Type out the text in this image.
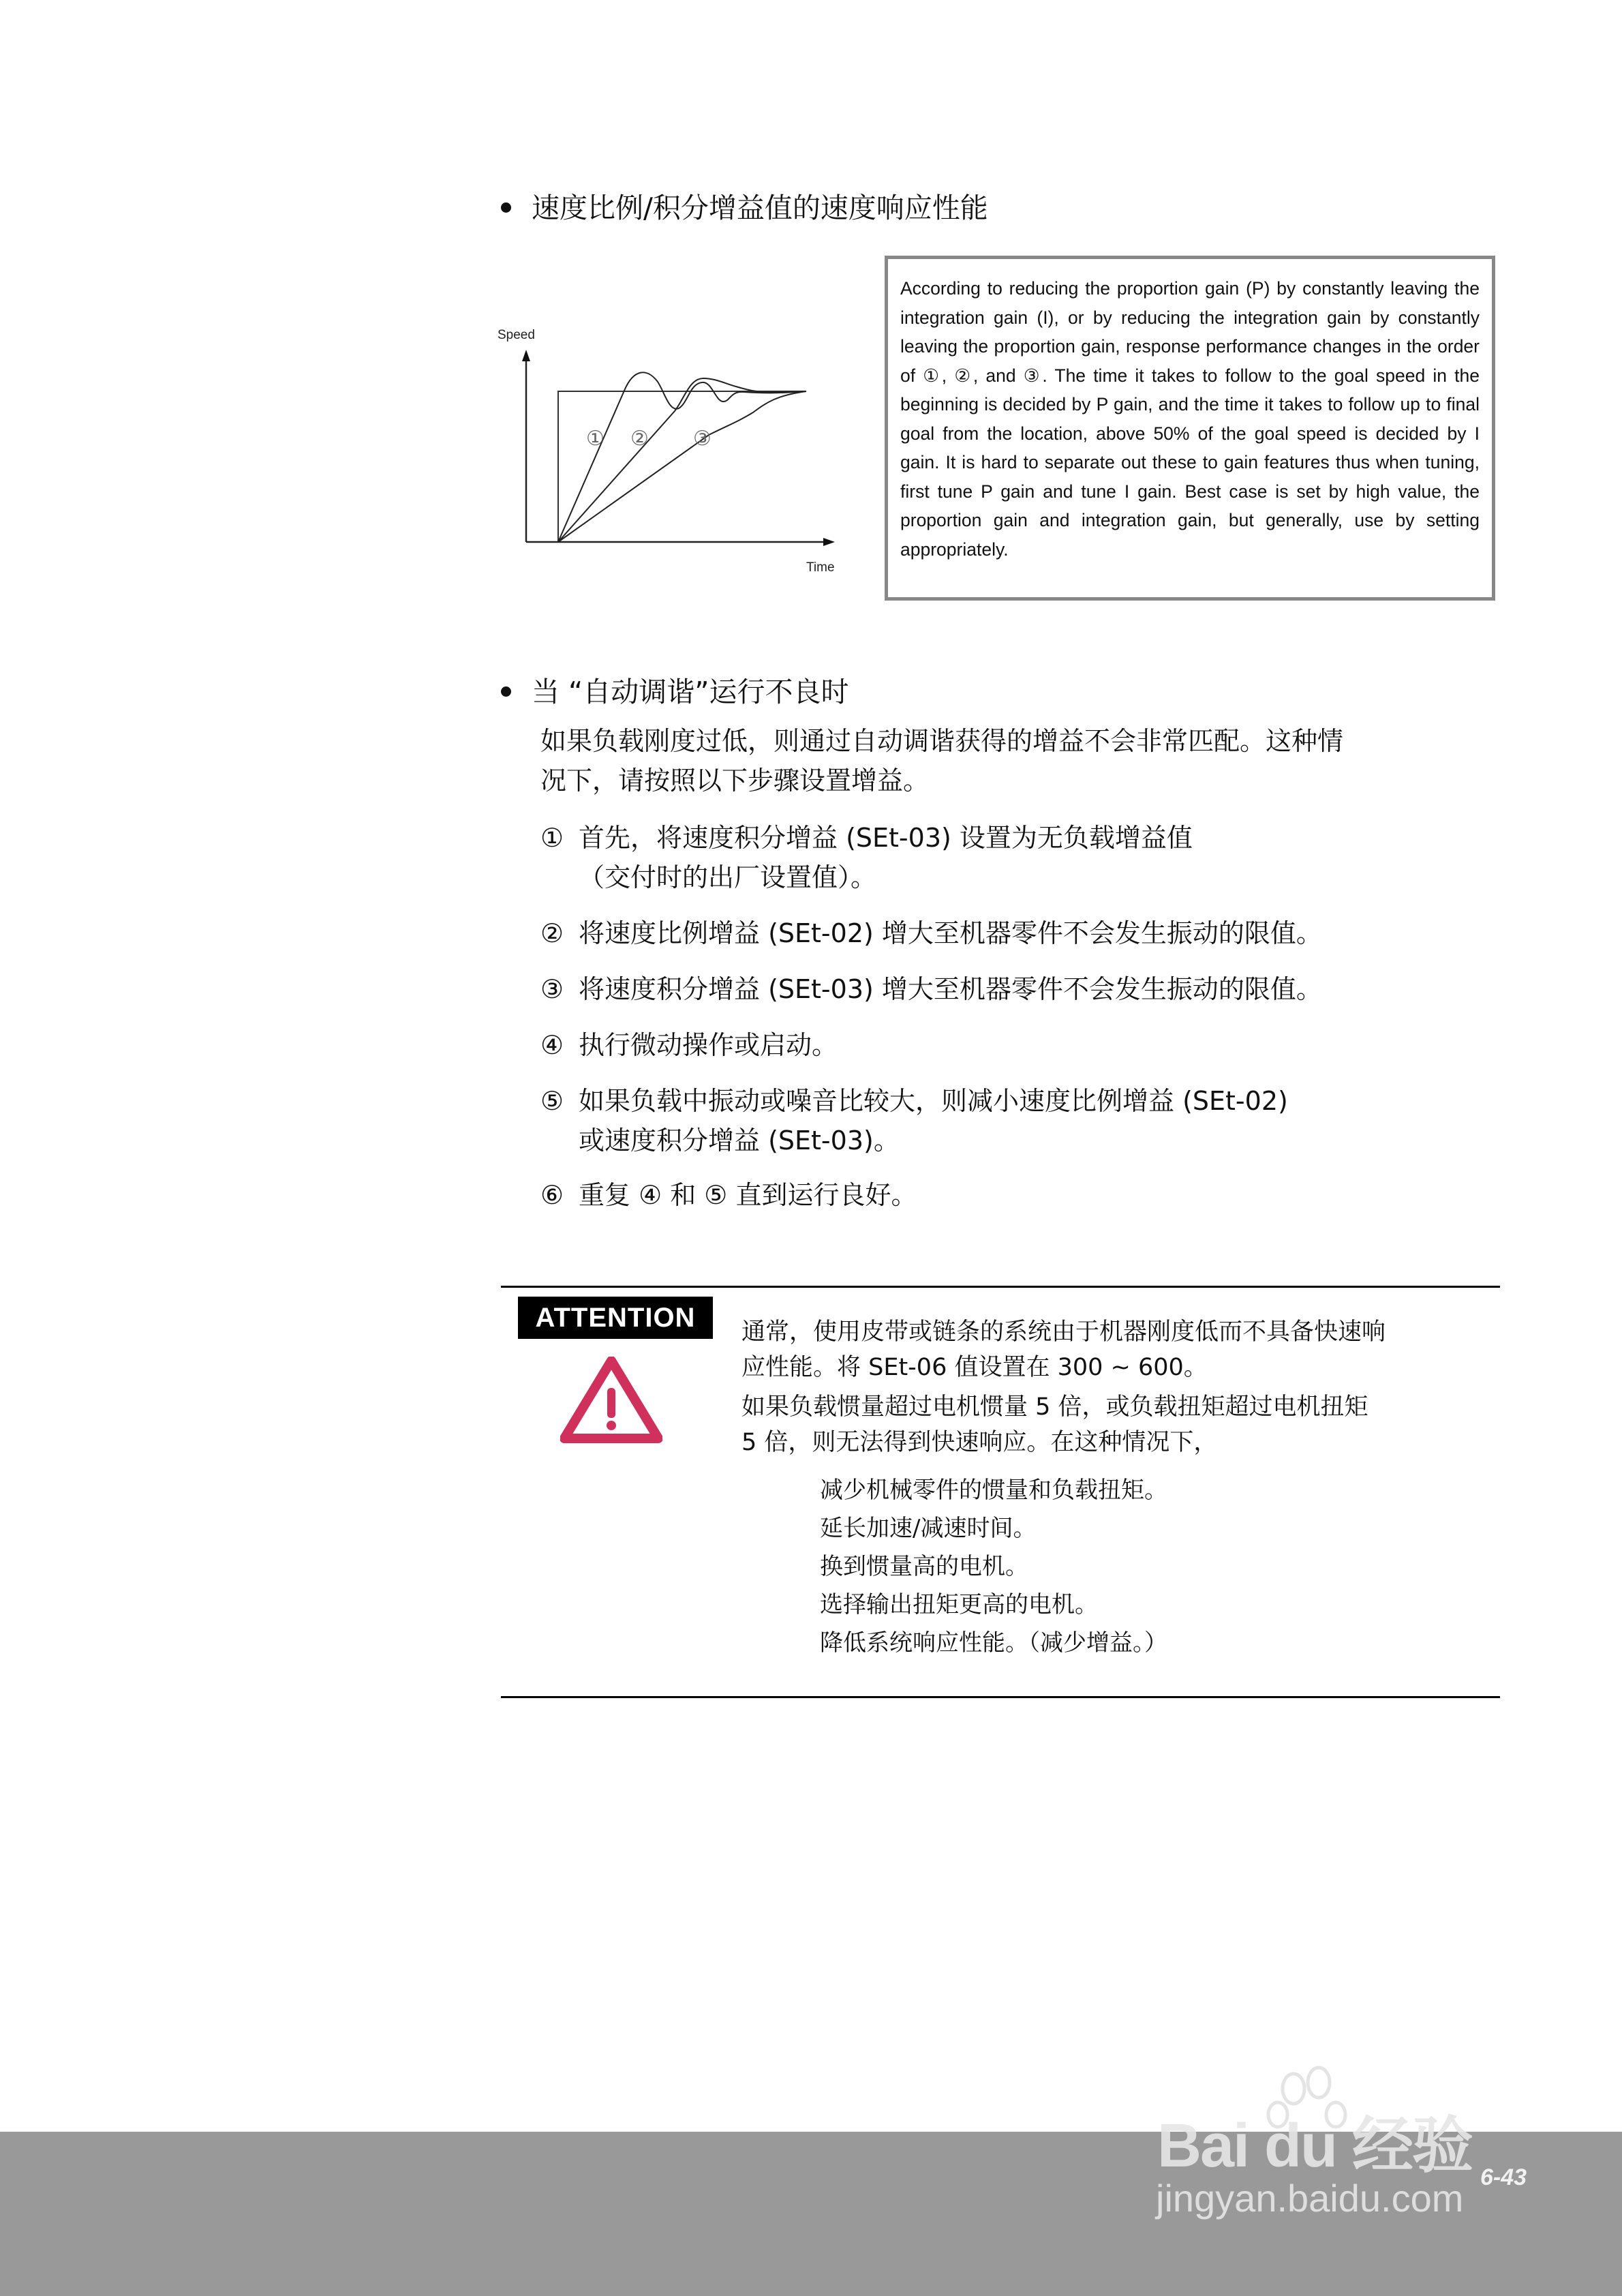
速度比例/积分增益值的速度响应性能
Speed
Time
① ② ③
According to reducing the proportion gain (P) by constantly leaving the integration gain (I), or by reducing the integration gain by constantly leaving the proportion gain, response performance changes in the order of ①, ②, and ③. The time it takes to follow to the goal speed in the beginning is decided by P gain, and the time it takes to follow up to final goal from the location, above 50% of the goal speed is decided by I gain. It is hard to separate out these to gain features thus when tuning, first tune P gain and tune I gain. Best case is set by high value, the proportion gain and integration gain, but generally, use by setting appropriately.
当 “自动调谐”运行不良时
如果负载刚度过低，则通过自动调谐获得的增益不会非常匹配。这种情
况下，请按照以下步骤设置增益。
① 首先，将速度积分增益 (SEt-03) 设置为无负载增益值
（交付时的出厂设置值）。
② 将速度比例增益 (SEt-02) 增大至机器零件不会发生振动的限值。
③ 将速度积分增益 (SEt-03) 增大至机器零件不会发生振动的限值。
④ 执行微动操作或启动。
⑤ 如果负载中振动或噪音比较大，则减小速度比例增益 (SEt-02)
或速度积分增益 (SEt-03)。
⑥ 重复 ④ 和 ⑤ 直到运行良好。
ATTENTION 通常，使用皮带或链条的系统由于机器刚度低而不具备快速响
应性能。将 SEt-06 值设置在 300 ~ 600。
如果负载惯量超过电机惯量 5 倍，或负载扭矩超过电机扭矩
5 倍，则无法得到快速响应。在这种情况下，
减少机械零件的惯量和负载扭矩。
延长加速/减速时间。
换到惯量高的电机。
选择输出扭矩更高的电机。
降低系统响应性能。（减少增益。）
Bai du 经验
jingyan.baidu.com 6-43
